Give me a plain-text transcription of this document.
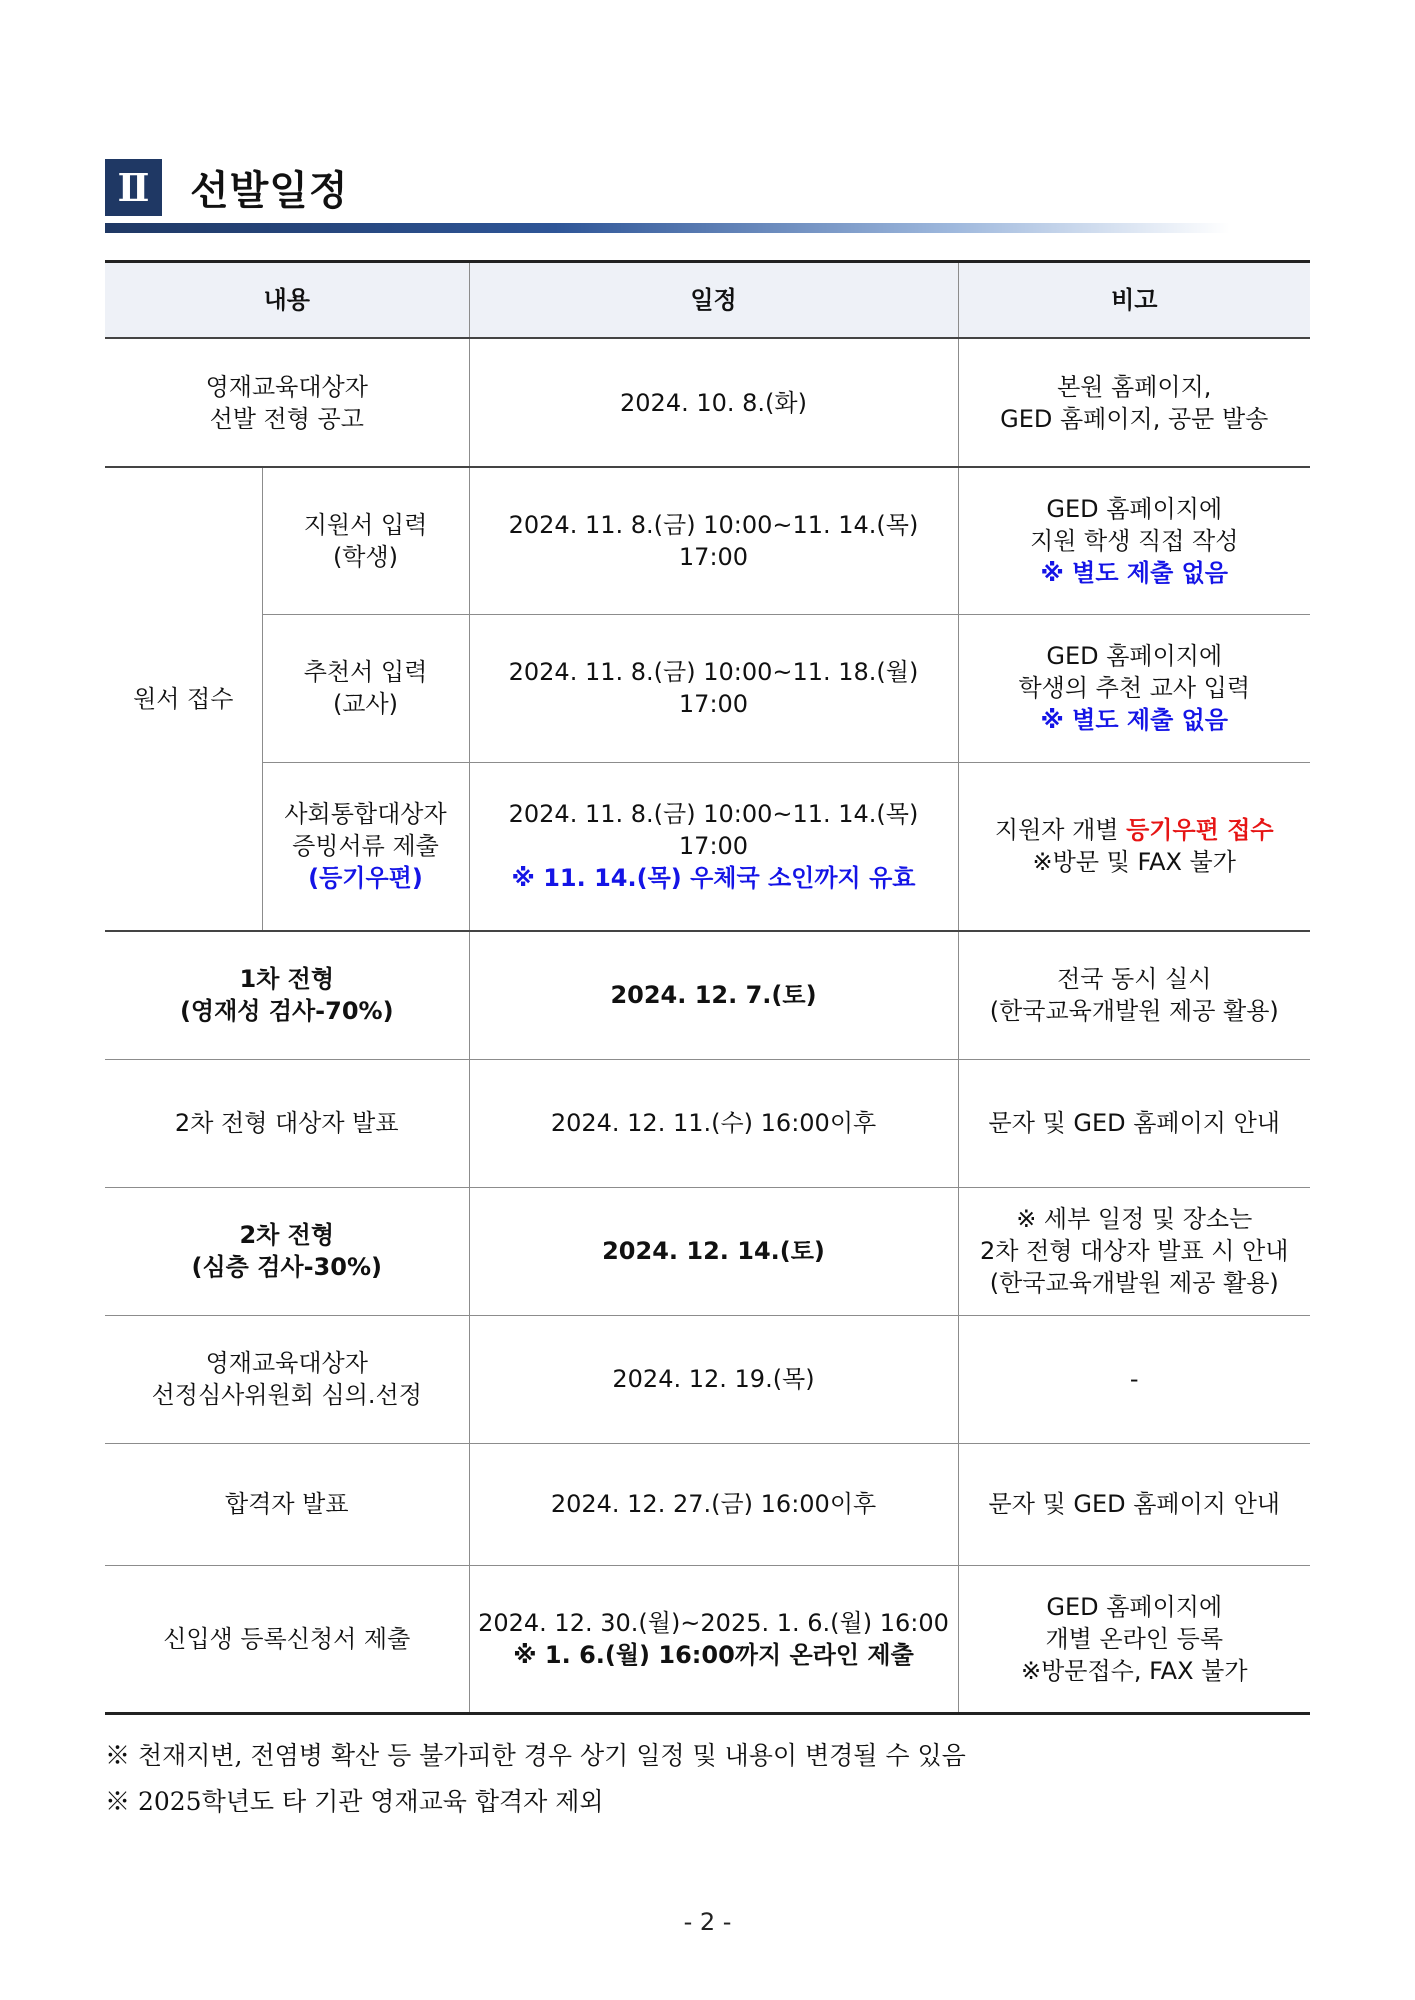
Ⅱ	선발일정
내용		일정	비고

영재교육대상자
선발 전형 공고		2024. 10. 8.(화)	본원 홈페이지,
GED 홈페이지, 공문 발송

원서 접수	지원서 입력
(학생)	2024. 11. 8.(금) 10:00~11. 14.(목) 17:00	GED 홈페이지에
지원 학생 직접 작성
※ 별도 제출 없음

	추천서 입력
(교사)	2024. 11. 8.(금) 10:00~11. 18.(월) 17:00	GED 홈페이지에
학생의 추천 교사 입력
※ 별도 제출 없음

	사회통합대상자
증빙서류 제출
(등기우편)	2024. 11. 8.(금) 10:00~11. 14.(목) 17:00
※ 11. 14.(목) 우체국 소인까지 유효	지원자 개별 등기우편 접수
※방문 및 FAX 불가

1차 전형
(영재성 검사-70%)		2024. 12. 7.(토)	전국 동시 실시
(한국교육개발원 제공 활용)

2차 전형 대상자 발표		2024. 12. 11.(수) 16:00이후	문자 및 GED 홈페이지 안내

2차 전형
(심층 검사-30%)		2024. 12. 14.(토)	※ 세부 일정 및 장소는
2차 전형 대상자 발표 시 안내
(한국교육개발원 제공 활용)

영재교육대상자
선정심사위원회 심의.선정		2024. 12. 19.(목)	-
합격자 발표		2024. 12. 27.(금) 16:00이후	문자 및 GED 홈페이지 안내
신입생 등록신청서 제출		2024. 12. 30.(월)~2025. 1. 6.(월) 16:00
※ 1. 6.(월) 16:00까지 온라인 제출	GED 홈페이지에
개별 온라인 등록
※방문접수, FAX 불가
※ 천재지변, 전염병 확산 등 불가피한 경우 상기 일정 및 내용이 변경될 수 있음
※ 2025학년도 타 기관 영재교육 합격자 제외
- 2 -
